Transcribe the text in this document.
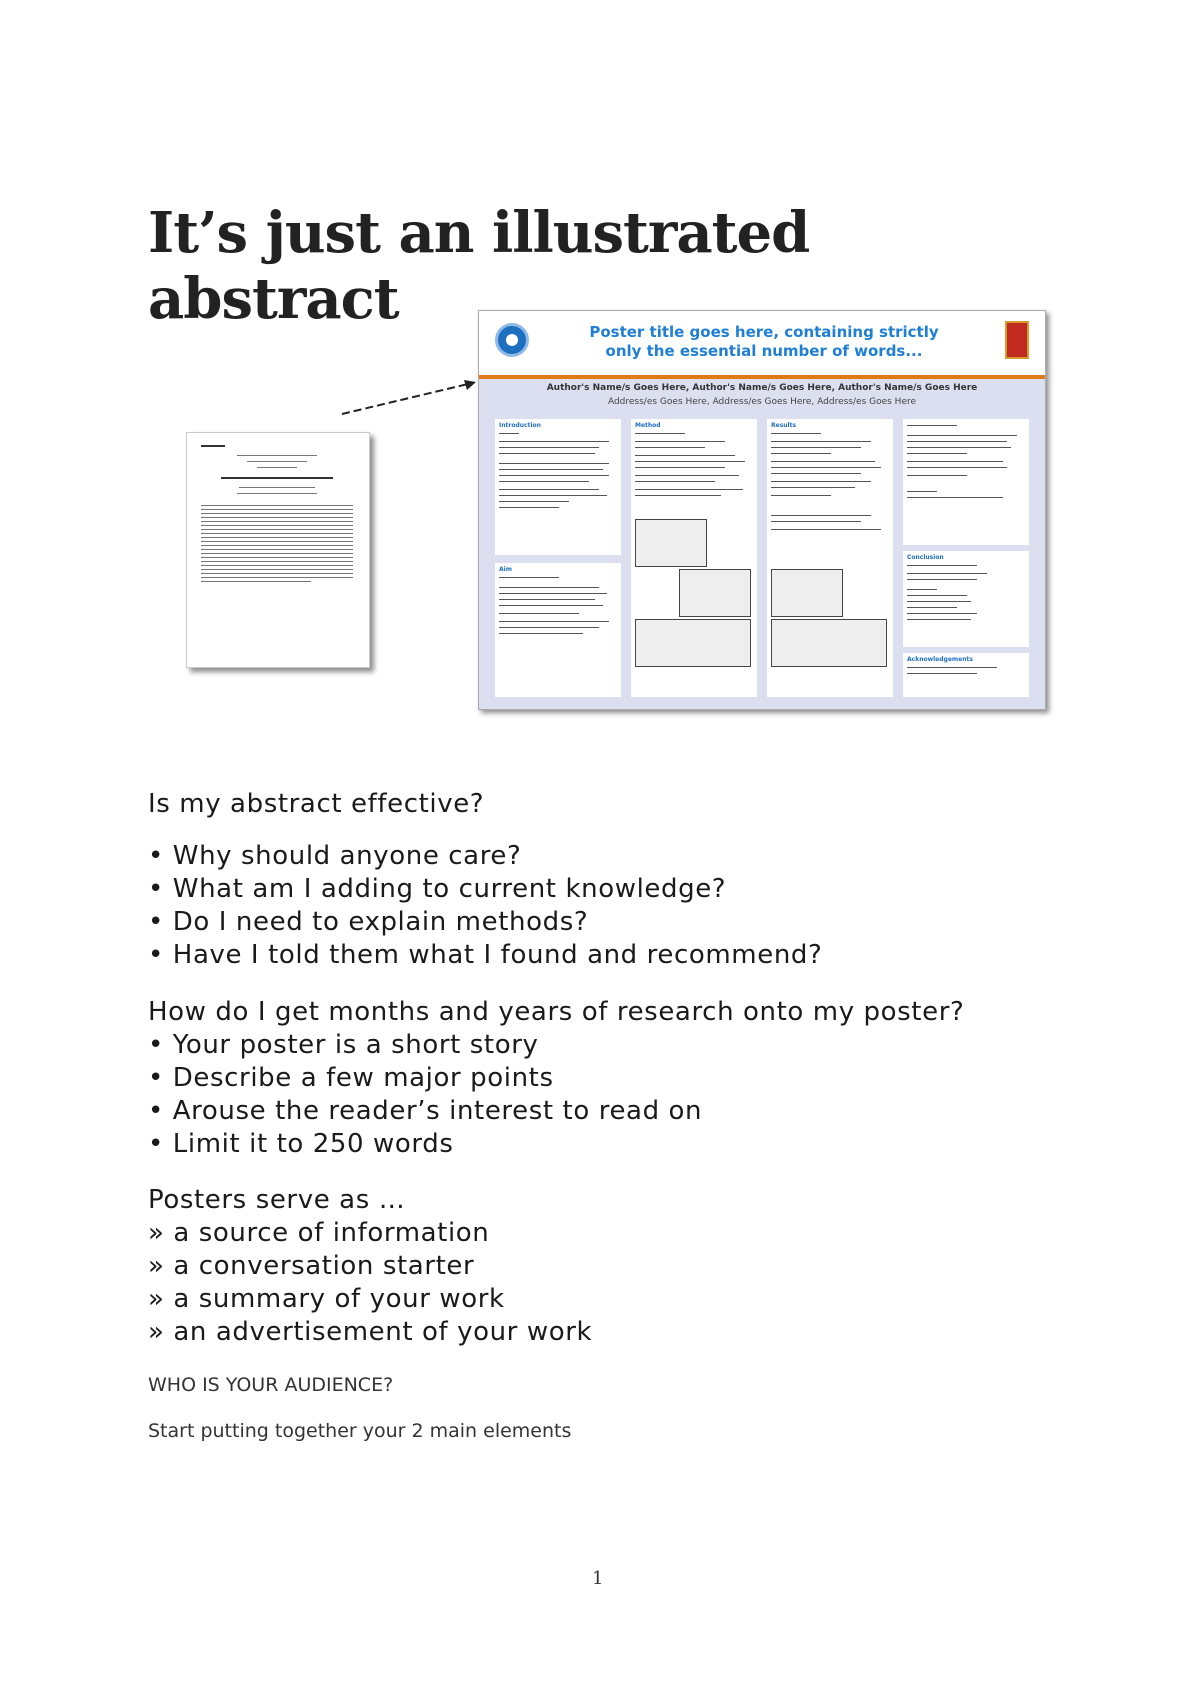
It’s just an illustrated abstract	Poster title goes here, containing strictly
only the essential number of words...
Author's Name/s Goes Here, Author's Name/s Goes Here, Author's Name/s Goes Here
Address/es Goes Here, Address/es Goes Here, Address/es Goes Here
Introduction
Aim
Method	Results
Conclusion
Acknowledgements
Is my abstract effective?
• Why should anyone care?
• What am I adding to current knowledge?
• Do I need to explain methods?
• Have I told them what I found and recommend?
How do I get months and years of research onto my poster?
• Your poster is a short story
• Describe a few major points
• Arouse the reader’s interest to read on
• Limit it to 250 words
Posters serve as …
» a source of information
» a conversation starter
» a summary of your work
» an advertisement of your work
WHO IS YOUR AUDIENCE?
Start putting together your 2 main elements
1
